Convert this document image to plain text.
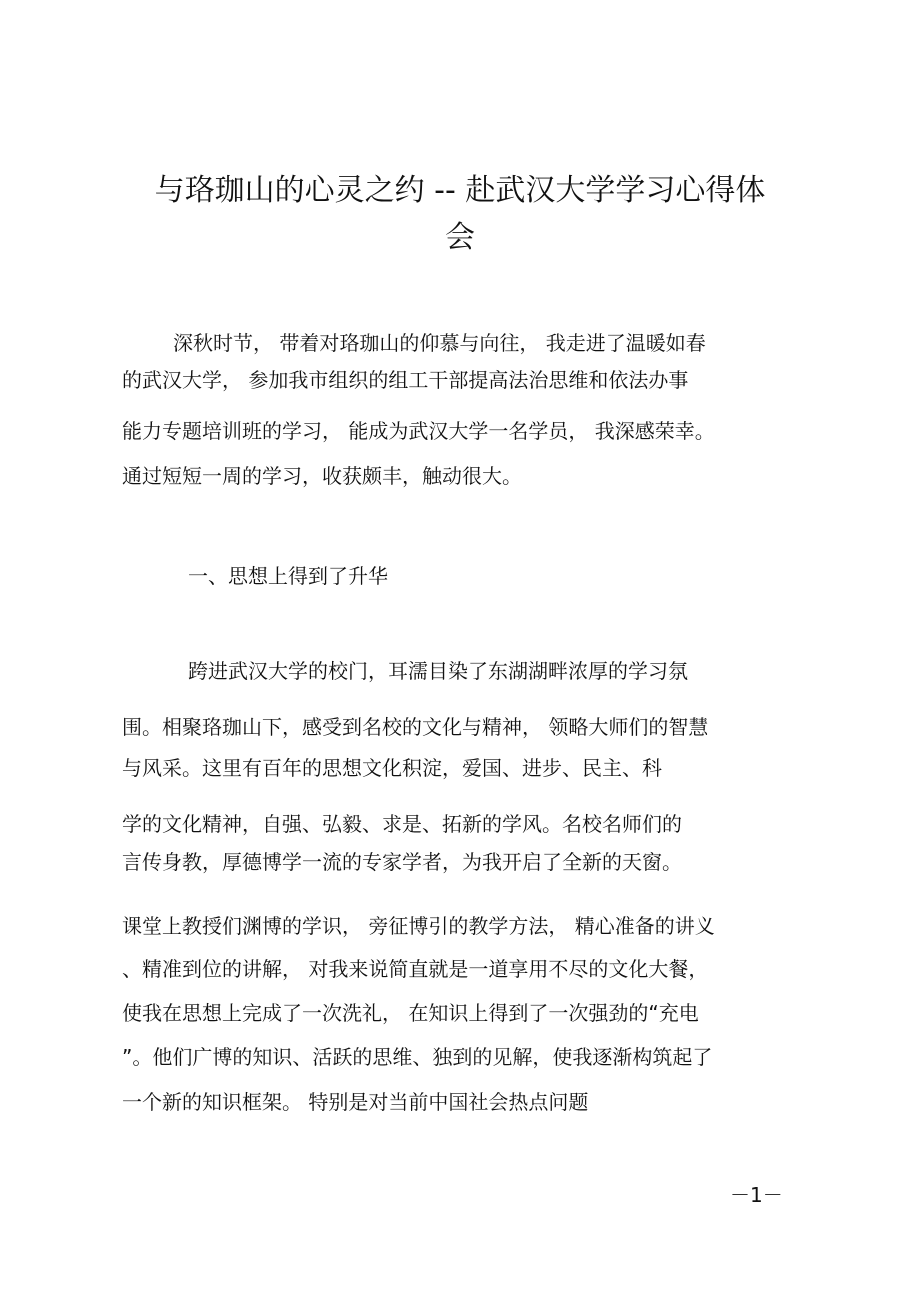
与珞珈山的心灵之约 -- 赴武汉大学学习心得体
会
深秋时节， 带着对珞珈山的仰慕与向往， 我走进了温暖如春
的武汉大学， 参加我市组织的组工干部提高法治思维和依法办事
能力专题培训班的学习， 能成为武汉大学一名学员， 我深感荣幸。
通过短短一周的学习，收获颇丰，触动很大。
一、思想上得到了升华
跨进武汉大学的校门，耳濡目染了东湖湖畔浓厚的学习氛
围。相聚珞珈山下，感受到名校的文化与精神， 领略大师们的智慧
与风采。这里有百年的思想文化积淀，爱国、进步、民主、科
学的文化精神，自强、弘毅、求是、拓新的学风。名校名师们的
言传身教，厚德博学一流的专家学者，为我开启了全新的天窗。
课堂上教授们渊博的学识， 旁征博引的教学方法， 精心准备的讲义
、精准到位的讲解， 对我来说简直就是一道享用不尽的文化大餐，
使我在思想上完成了一次洗礼， 在知识上得到了一次强劲的“充电
”。他们广博的知识、活跃的思维、独到的见解，使我逐渐构筑起了
一个新的知识框架。 特别是对当前中国社会热点问题
－1－
